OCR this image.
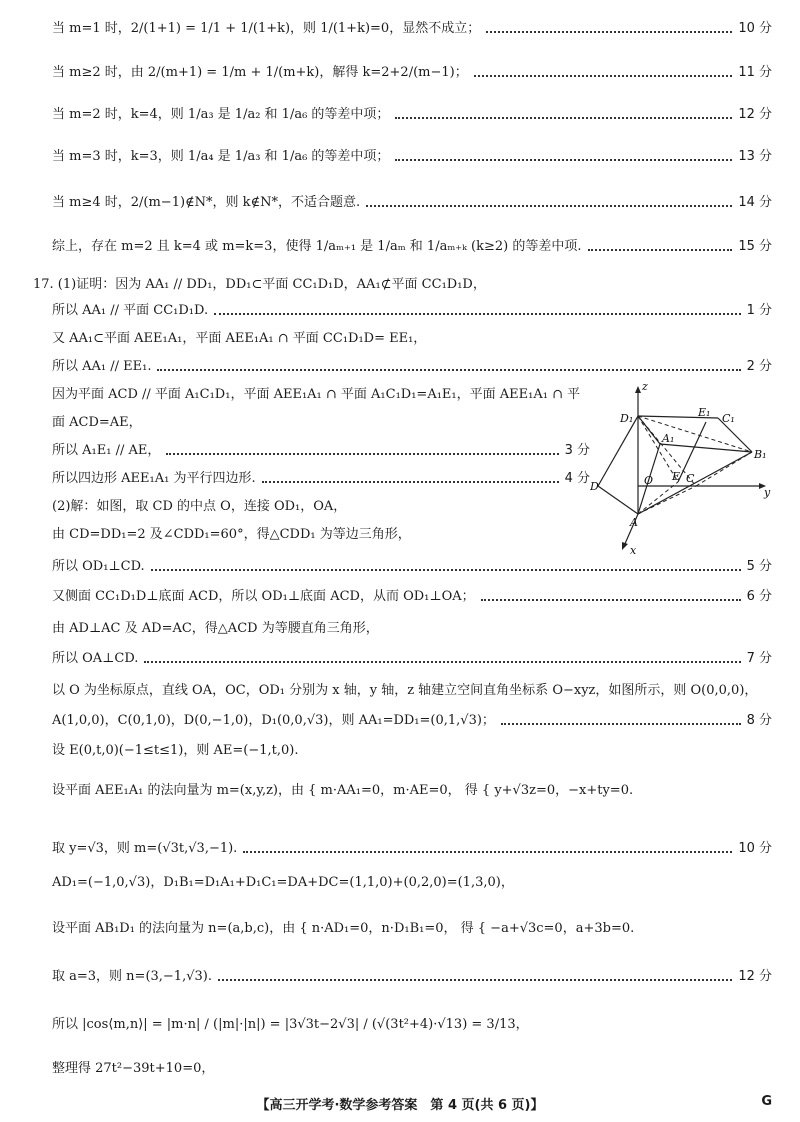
当 m=1 时，2/(1+1) = 1/1 + 1/(1+k)，则 1/(1+k)=0，显然不成立；	10 分
当 m≥2 时，由 2/(m+1) = 1/m + 1/(m+k)，解得 k=2+2/(m−1)；	11 分
当 m=2 时，k=4，则 1/a₃ 是 1/a₂ 和 1/a₆ 的等差中项；	12 分
当 m=3 时，k=3，则 1/a₄ 是 1/a₃ 和 1/a₆ 的等差中项；	13 分
当 m≥4 时，2/(m−1)∉N*，则 k∉N*，不适合题意.	14 分
综上，存在 m=2 且 k=4 或 m=k=3，使得 1/aₘ₊₁ 是 1/aₘ 和 1/aₘ₊ₖ (k≥2) 的等差中项.	15 分
17. (1)证明：因为 AA₁ // DD₁，DD₁⊂平面 CC₁D₁D，AA₁⊄平面 CC₁D₁D，
所以 AA₁ // 平面 CC₁D₁D.	1 分
又 AA₁⊂平面 AEE₁A₁，平面 AEE₁A₁ ∩ 平面 CC₁D₁D= EE₁，
所以 AA₁ // EE₁.	2 分
因为平面 ACD // 平面 A₁C₁D₁，平面 AEE₁A₁ ∩ 平面 A₁C₁D₁=A₁E₁，平面 AEE₁A₁ ∩ 平
面 ACD=AE，
所以 A₁E₁ // AE，	3 分
所以四边形 AEE₁A₁ 为平行四边形.	4 分
(2)解：如图，取 CD 的中点 O，连接 OD₁，OA，
由 CD=DD₁=2 及∠CDD₁=60°，得△CDD₁ 为等边三角形，
所以 OD₁⊥CD.	5 分
又侧面 CC₁D₁D⊥底面 ACD，所以 OD₁⊥底面 ACD，从而 OD₁⊥OA；	6 分
由 AD⊥AC 及 AD=AC，得△ACD 为等腰直角三角形，
所以 OA⊥CD.	7 分
以 O 为坐标原点，直线 OA，OC，OD₁ 分别为 x 轴，y 轴，z 轴建立空间直角坐标系 O−xyz，如图所示，则 O(0,0,0)，
A(1,0,0)，C(0,1,0)，D(0,−1,0)，D₁(0,0,√3)，则 AA₁=DD₁=(0,1,√3)；	8 分
设 E(0,t,0)(−1≤t≤1)，则 AE=(−1,t,0).
设平面 AEE₁A₁ 的法向量为 m=(x,y,z)，由 { m·AA₁=0，m·AE=0， 得 { y+√3z=0，−x+ty=0.
取 y=√3，则 m=(√3t,√3,−1).	10 分
AD₁=(−1,0,√3)，D₁B₁=D₁A₁+D₁C₁=DA+DC=(1,1,0)+(0,2,0)=(1,3,0)，
设平面 AB₁D₁ 的法向量为 n=(a,b,c)，由 { n·AD₁=0，n·D₁B₁=0， 得 { −a+√3c=0，a+3b=0.
取 a=3，则 n=(3,−1,√3).	12 分
所以 |cos⟨m,n⟩| = |m·n| / (|m|·|n|) = |3√3t−2√3| / (√(3t²+4)·√13) = 3/13，
整理得 27t²−39t+10=0，
z
D₁	E₁ C₁
A₁
B₁
D	O E C
y
A
x
【高三开学考·数学参考答案　第 4 页(共 6 页)】	G
